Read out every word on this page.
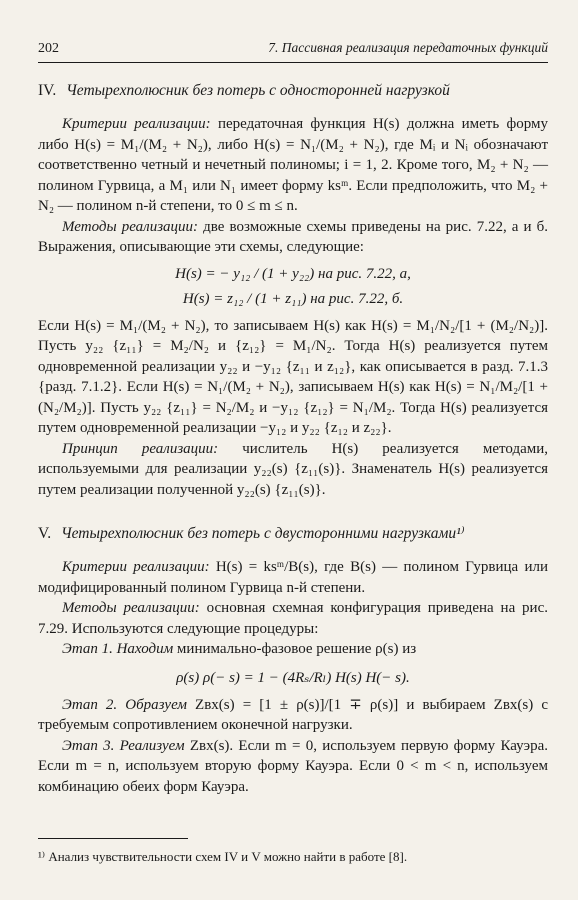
202	7. Пассивная реализация передаточных функций
IV. Четырехполюсник без потерь с односторонней нагрузкой

Критерии реализации: передаточная функция H(s) должна иметь форму либо H(s) = M₁/(M₂ + N₂), либо H(s) = N₁/(M₂ + N₂), где Mᵢ и Nᵢ обозначают соответственно четный и нечетный полиномы; i = 1, 2. Кроме того, M₂ + N₂ — полином Гурвица, а M₁ или N₁ имеет форму ksᵐ. Если предположить, что M₂ + N₂ — полином n-й степени, то 0 ≤ m ≤ n.

Методы реализации: две возможные схемы приведены на рис. 7.22, а и б. Выражения, описывающие эти схемы, следующие:

H(s) = − y₁₂ / (1 + y₂₂) на рис. 7.22, а,
H(s) = z₁₂ / (1 + z₁₁) на рис. 7.22, б.

Если H(s) = M₁/(M₂ + N₂), то записываем H(s) как H(s) = M₁/N₂/[1 + (M₂/N₂)]. Пусть y₂₂ {z₁₁} = M₂/N₂ и {z₁₂} = M₁/N₂. Тогда H(s) реализуется путем одновременной реализации y₂₂ и −y₁₂ {z₁₁ и z₁₂}, как описывается в разд. 7.1.3 {разд. 7.1.2}. Если H(s) = N₁/(M₂ + N₂), записываем H(s) как H(s) = N₁/M₂/[1 + (N₂/M₂)]. Пусть y₂₂ {z₁₁} = N₂/M₂ и −y₁₂ {z₁₂} = N₁/M₂. Тогда H(s) реализуется путем одновременной реализации −y₁₂ и y₂₂ {z₁₂ и z₂₂}.

Принцип реализации: числитель H(s) реализуется методами, используемыми для реализации y₂₂(s) {z₁₁(s)}. Знаменатель H(s) реализуется путем реализации полученной y₂₂(s) {z₁₁(s)}.

V. Четырехполюсник без потерь с двусторонними нагрузками¹⁾

Критерии реализации: H(s) = ksᵐ/B(s), где B(s) — полином Гурвица или модифицированный полином Гурвица n-й степени.

Методы реализации: основная схемная конфигурация приведена на рис. 7.29. Используются следующие процедуры:

Этап 1. Находим минимально-фазовое решение ρ(s) из

ρ(s) ρ(− s) = 1 − (4Rₛ/Rₗ) H(s) H(− s).

Этап 2. Образуем Zвх(s) = [1 ± ρ(s)]/[1 ∓ ρ(s)] и выбираем Zвх(s) с требуемым сопротивлением оконечной нагрузки.

Этап 3. Реализуем Zвх(s). Если m = 0, используем первую форму Кауэра. Если m = n, используем вторую форму Кауэра. Если 0 < m < n, используем комбинацию обеих форм Кауэра.

¹⁾ Анализ чувствительности схем IV и V можно найти в работе [8].
